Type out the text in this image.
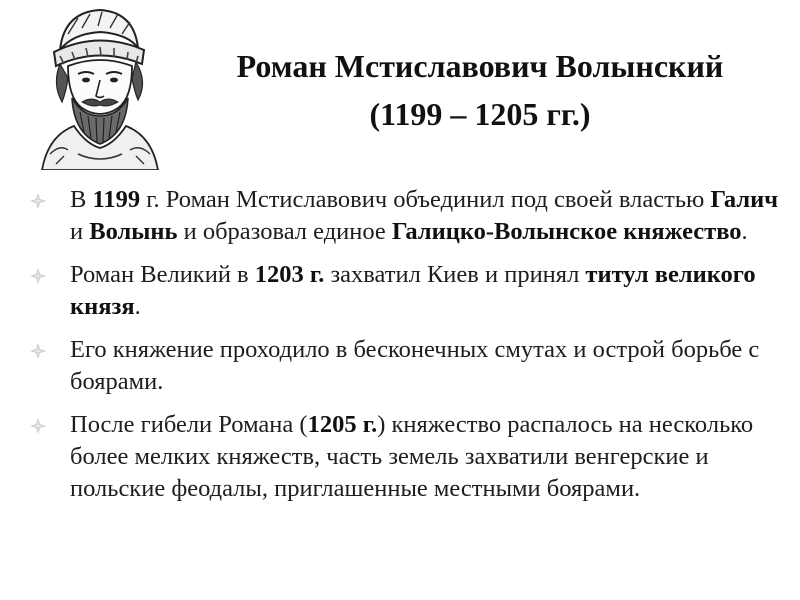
Роман Мстиславович Волынский
(1199 – 1205 гг.)
В 1199 г. Роман Мстиславович объединил под своей властью Галич и Волынь и образовал единое Галицко-Волынское княжество.
Роман Великий в 1203 г. захватил Киев и принял титул великого князя.
Его княжение проходило в бесконечных смутах и острой борьбе с боярами.
После гибели Романа (1205 г.) княжество распалось на несколько более мелких княжеств, часть земель захватили венгерские и польские феодалы, приглашенные местными боярами.
